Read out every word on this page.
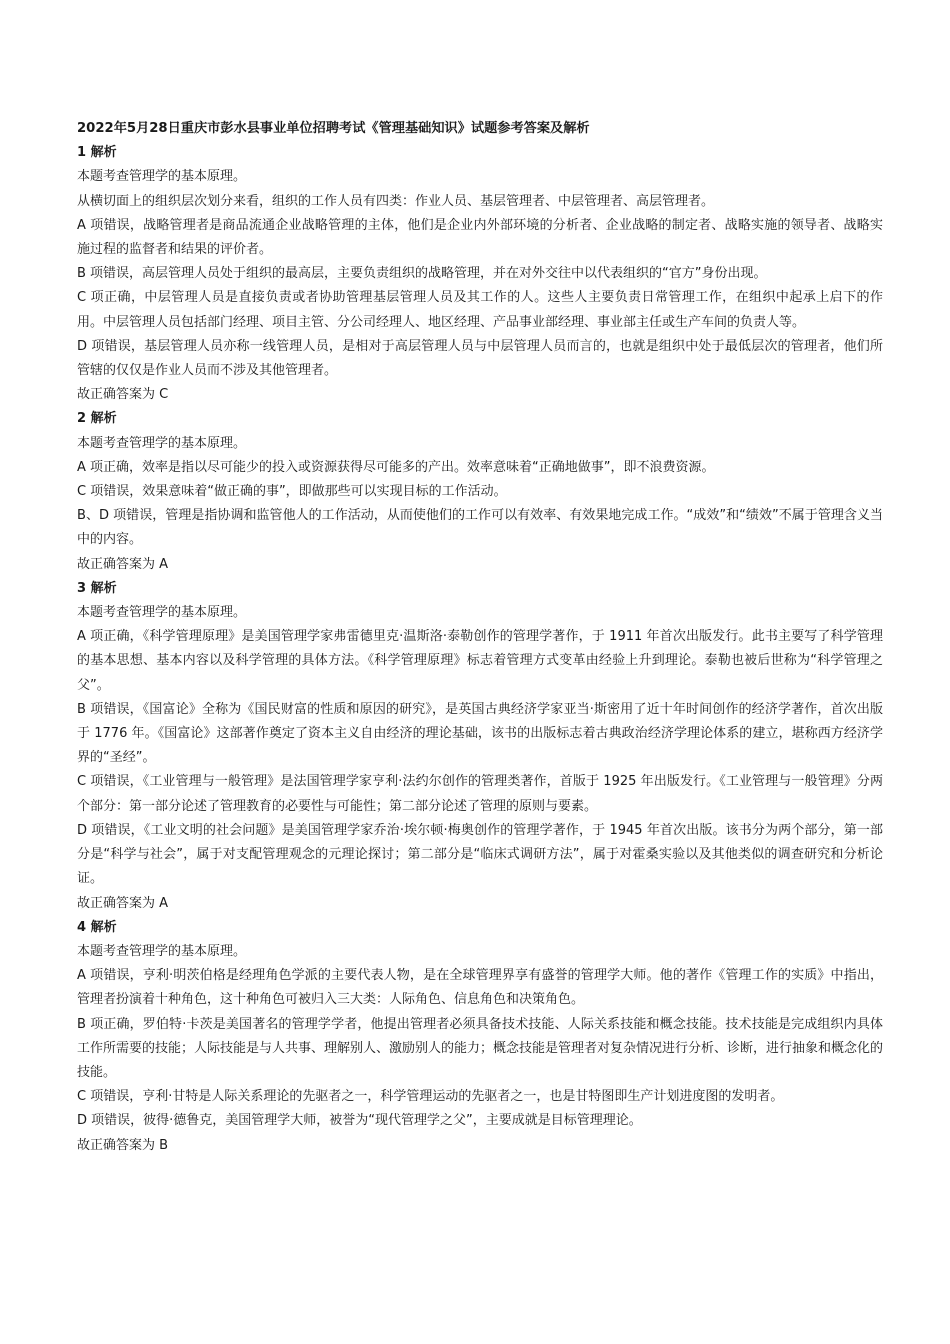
2022年5月28日重庆市彭水县事业单位招聘考试《管理基础知识》试题参考答案及解析

1 解析

本题考查管理学的基本原理。

从横切面上的组织层次划分来看，组织的工作人员有四类：作业人员、基层管理者、中层管理者、高层管理者。

A 项错误，战略管理者是商品流通企业战略管理的主体，他们是企业内外部环境的分析者、企业战略的制定者、战略实施的领导者、战略实施过程的监督者和结果的评价者。

B 项错误，高层管理人员处于组织的最高层，主要负责组织的战略管理，并在对外交往中以代表组织的“官方”身份出现。

C 项正确，中层管理人员是直接负责或者协助管理基层管理人员及其工作的人。这些人主要负责日常管理工作，在组织中起承上启下的作用。中层管理人员包括部门经理、项目主管、分公司经理人、地区经理、产品事业部经理、事业部主任或生产车间的负责人等。

D 项错误，基层管理人员亦称一线管理人员，是相对于高层管理人员与中层管理人员而言的，也就是组织中处于最低层次的管理者，他们所管辖的仅仅是作业人员而不涉及其他管理者。

故正确答案为 C

2 解析

本题考查管理学的基本原理。

A 项正确，效率是指以尽可能少的投入或资源获得尽可能多的产出。效率意味着“正确地做事”，即不浪费资源。

C 项错误，效果意味着“做正确的事”，即做那些可以实现目标的工作活动。

B、D 项错误，管理是指协调和监管他人的工作活动，从而使他们的工作可以有效率、有效果地完成工作。“成效”和“绩效”不属于管理含义当中的内容。

故正确答案为 A

3 解析

本题考查管理学的基本原理。

A 项正确，《科学管理原理》是美国管理学家弗雷德里克·温斯洛·泰勒创作的管理学著作，于 1911 年首次出版发行。此书主要写了科学管理的基本思想、基本内容以及科学管理的具体方法。《科学管理原理》标志着管理方式变革由经验上升到理论。泰勒也被后世称为“科学管理之父”。

B 项错误，《国富论》全称为《国民财富的性质和原因的研究》，是英国古典经济学家亚当·斯密用了近十年时间创作的经济学著作，首次出版于 1776 年。《国富论》这部著作奠定了资本主义自由经济的理论基础，该书的出版标志着古典政治经济学理论体系的建立，堪称西方经济学界的“圣经”。

C 项错误，《工业管理与一般管理》是法国管理学家亨利·法约尔创作的管理类著作，首版于 1925 年出版发行。《工业管理与一般管理》分两个部分：第一部分论述了管理教育的必要性与可能性；第二部分论述了管理的原则与要素。

D 项错误，《工业文明的社会问题》是美国管理学家乔治·埃尔顿·梅奥创作的管理学著作，于 1945 年首次出版。该书分为两个部分，第一部分是“科学与社会”，属于对支配管理观念的元理论探讨；第二部分是“临床式调研方法”，属于对霍桑实验以及其他类似的调查研究和分析论证。

故正确答案为 A

4 解析

本题考查管理学的基本原理。

A 项错误，亨利·明茨伯格是经理角色学派的主要代表人物，是在全球管理界享有盛誉的管理学大师。他的著作《管理工作的实质》中指出，管理者扮演着十种角色，这十种角色可被归入三大类：人际角色、信息角色和决策角色。

B 项正确，罗伯特·卡茨是美国著名的管理学学者，他提出管理者必须具备技术技能、人际关系技能和概念技能。技术技能是完成组织内具体工作所需要的技能；人际技能是与人共事、理解别人、激励别人的能力；概念技能是管理者对复杂情况进行分析、诊断，进行抽象和概念化的技能。

C 项错误，亨利·甘特是人际关系理论的先驱者之一，科学管理运动的先驱者之一，也是甘特图即生产计划进度图的发明者。

D 项错误，彼得·德鲁克，美国管理学大师，被誉为“现代管理学之父”，主要成就是目标管理理论。

故正确答案为 B
